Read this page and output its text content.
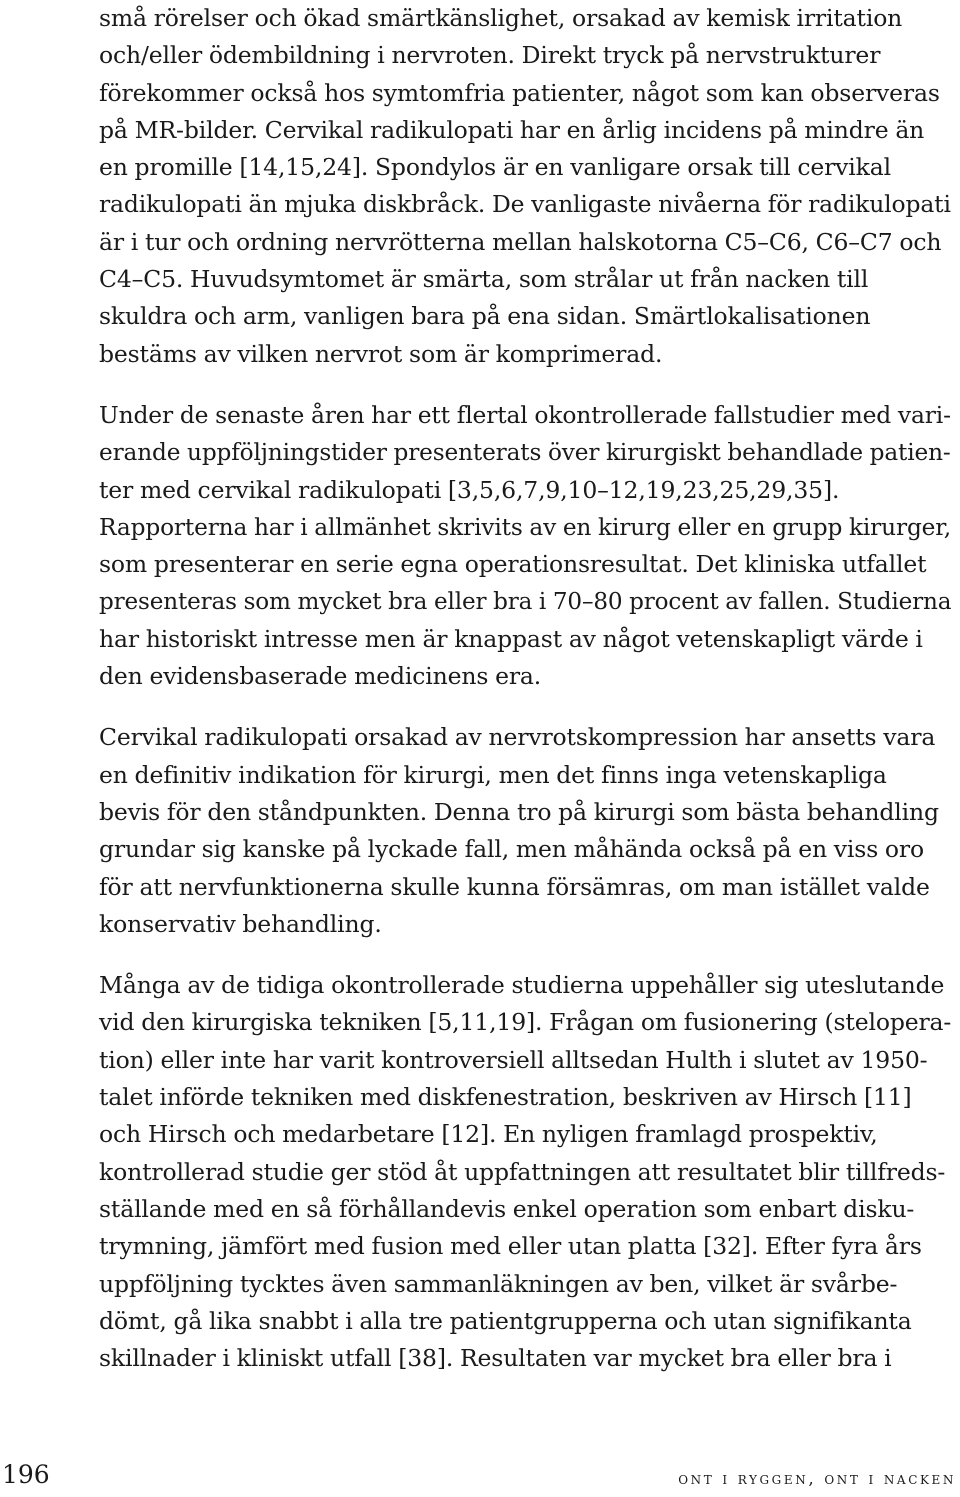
små rörelser och ökad smärtkänslighet, orsakad av kemisk irritation
och/eller ödembildning i nervroten. Direkt tryck på nervstrukturer
förekommer också hos symtomfria patienter, något som kan observeras
på MR-bilder. Cervikal radikulopati har en årlig incidens på mindre än
en promille [14,15,24]. Spondylos är en vanligare orsak till cervikal
radikulopati än mjuka diskbråck. De vanligaste nivåerna för radikulopati
är i tur och ordning nervrötterna mellan halskotorna C5–C6, C6–C7 och
C4–C5. Huvudsymtomet är smärta, som strålar ut från nacken till
skuldra och arm, vanligen bara på ena sidan. Smärtlokalisationen
bestäms av vilken nervrot som är komprimerad.

Under de senaste åren har ett flertal okontrollerade fallstudier med vari-
erande uppföljningstider presenterats över kirurgiskt behandlade patien-
ter med cervikal radikulopati [3,5,6,7,9,10–12,19,23,25,29,35].
Rapporterna har i allmänhet skrivits av en kirurg eller en grupp kirurger,
som presenterar en serie egna operationsresultat. Det kliniska utfallet
presenteras som mycket bra eller bra i 70–80 procent av fallen. Studierna
har historiskt intresse men är knappast av något vetenskapligt värde i
den evidensbaserade medicinens era.

Cervikal radikulopati orsakad av nervrotskompression har ansetts vara
en definitiv indikation för kirurgi, men det finns inga vetenskapliga
bevis för den ståndpunkten. Denna tro på kirurgi som bästa behandling
grundar sig kanske på lyckade fall, men måhända också på en viss oro
för att nervfunktionerna skulle kunna försämras, om man istället valde
konservativ behandling.

Många av de tidiga okontrollerade studierna uppehåller sig uteslutande
vid den kirurgiska tekniken [5,11,19]. Frågan om fusionering (steloperа-
tion) eller inte har varit kontroversiell alltsedan Hulth i slutet av 1950-
talet införde tekniken med diskfenestration, beskriven av Hirsch [11]
och Hirsch och medarbetare [12]. En nyligen framlagd prospektiv,
kontrollerad studie ger stöd åt uppfattningen att resultatet blir tillfreds-
ställande med en så förhållandevis enkel operation som enbart disku-
trymning, jämfört med fusion med eller utan platta [32]. Efter fyra års
uppföljning tycktes även sammanläkningen av ben, vilket är svårbe-
dömt, gå lika snabbt i alla tre patientgrupperna och utan signifikanta
skillnader i kliniskt utfall [38]. Resultaten var mycket bra eller bra i

196	ont i ryggen, ont i nacken
